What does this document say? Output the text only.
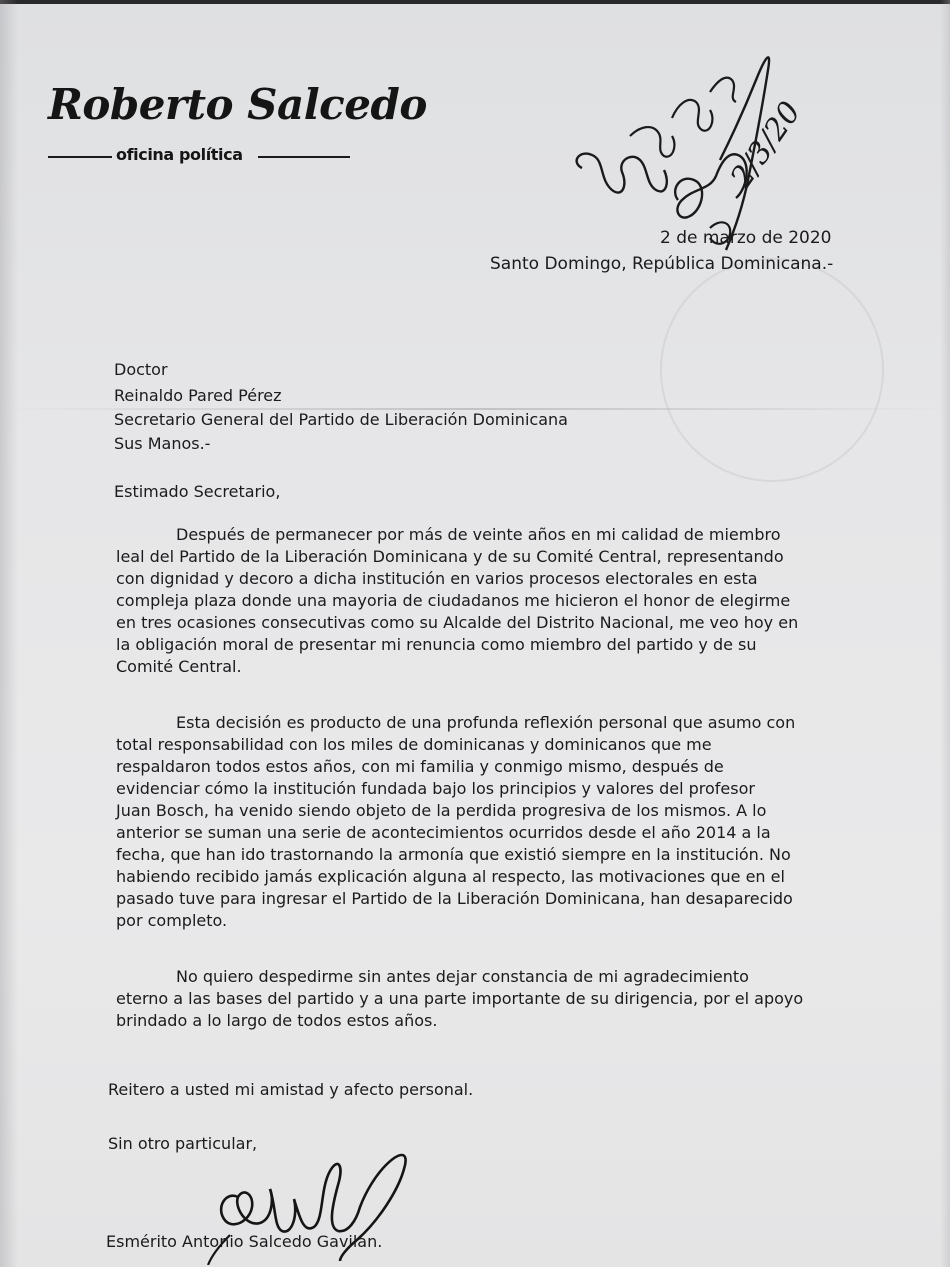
Roberto Salcedo
oficina política	2/3/20
2 de marzo de 2020
Santo Domingo, República Dominicana.-
Doctor
Reinaldo Pared Pérez
Secretario General del Partido de Liberación Dominicana
Sus Manos.-
Estimado Secretario,
Después de permanecer por más de veinte años en mi calidad de miembro
leal del Partido de la Liberación Dominicana y de su Comité Central, representando
con dignidad y decoro a dicha institución en varios procesos electorales en esta
compleja plaza donde una mayoria de ciudadanos me hicieron el honor de elegirme
en tres ocasiones consecutivas como su Alcalde del Distrito Nacional, me veo hoy en
la obligación moral de presentar mi renuncia como miembro del partido y de su
Comité Central.
Esta decisión es producto de una profunda reflexión personal que asumo con
total responsabilidad con los miles de dominicanas y dominicanos que me
respaldaron todos estos años, con mi familia y conmigo mismo, después de
evidenciar cómo la institución fundada bajo los principios y valores del profesor
Juan Bosch, ha venido siendo objeto de la perdida progresiva de los mismos. A lo
anterior se suman una serie de acontecimientos ocurridos desde el año 2014 a la
fecha, que han ido trastornando la armonía que existió siempre en la institución. No
habiendo recibido jamás explicación alguna al respecto, las motivaciones que en el
pasado tuve para ingresar el Partido de la Liberación Dominicana, han desaparecido
por completo.
No quiero despedirme sin antes dejar constancia de mi agradecimiento
eterno a las bases del partido y a una parte importante de su dirigencia, por el apoyo
brindado a lo largo de todos estos años.
Reitero a usted mi amistad y afecto personal.
Sin otro particular,
Esmérito Antonio Salcedo Gavilán.
